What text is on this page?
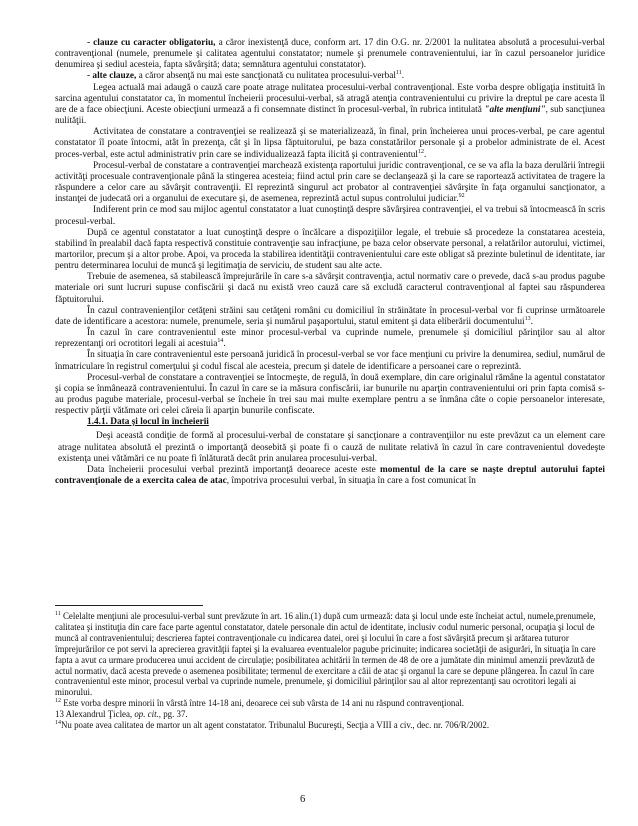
- clauze cu caracter obligatoriu, a căror inexistenţă duce, conform art. 17 din O.G. nr. 2/2001 la nulitatea absolută a procesului-verbal contravenţional (numele, prenumele şi calitatea agentului constatator; numele şi prenumele contravenientului, iar în cazul persoanelor juridice denumirea şi sediul acesteia, fapta săvârşită; data; semnătura agentului constatator).

- alte clauze, a căror absenţă nu mai este sancţionată cu nulitatea procesului-verbal$^{11}$.

Legea actuală mai adaugă o cauză care poate atrage nulitatea procesului-verbal contravenţional. Este vorba despre obligaţia instituită în sarcina agentului constatator ca, în momentul încheierii procesului-verbal, să atragă atenţia contravenientului cu privire la dreptul pe care acesta îl are de a face obiecţiuni. Aceste obiecţiuni urmează a fi consemnate distinct în procesul-verbal, în rubrica intitulată "alte menţiuni", sub sancţiunea nulităţii.

Activitatea de constatare a contravenţiei se realizează şi se materializează, în final, prin încheierea unui proces-verbal, pe care agentul constatator îl poate întocmi, atât în prezenţa, cât şi în lipsa făptuitorului, pe baza constatărilor personale şi a probelor administrate de el. Acest proces-verbal, este actul administrativ prin care se individualizează fapta ilicită şi contravenientul$^{12}$.

Procesul-verbal de constatare a contravenţiei marchează existenţa raportului juridic contravenţional, ce se va afla la baza derulării întregii activităţi procesuale contravenţionale până la stingerea acesteia; fiind actul prin care se declanşează şi la care se raportează activitatea de tragere la răspundere a celor care au săvârşit contravenţii. El reprezintă singurul act probator al contravenţiei săvârşite în faţa organului sancţionator, a instanţei de judecată ori a organului de executare şi, de asemenea, reprezintă actul supus controlului judiciar.$^{92}$

Indiferent prin ce mod sau mijloc agentul constatator a luat cunoştinţă despre săvârşirea contravenţiei, el va trebui să întocmească în scris procesul-verbal.

După ce agentul constatator a luat cunoştinţă despre o încălcare a dispoziţiilor legale, el trebuie să procedeze la constatarea acesteia, stabilind în prealabil dacă fapta respectivă constituie contravenţie sau infracţiune, pe baza celor observate personal, a relatărilor autorului, victimei, martorilor, precum şi a altor probe. Apoi, va proceda la stabilirea identităţii contravenientului care este obligat să prezinte buletinul de identitate, iar pentru determinarea locului de muncă şi legitimaţia de serviciu, de student sau alte acte.

Trebuie de asemenea, să stabilească împrejurările în care s-a săvârşit contravenţia, actul normativ care o prevede, dacă s-au produs pagube materiale ori sunt lucruri supuse confiscării şi dacă nu există vreo cauză care să excludă caracterul contravenţional al faptei sau răspunderea făptuitorului.

În cazul contravenienţilor cetăţeni străini sau cetăţeni români cu domiciliul în străinătate în procesul-verbal vor fi cuprinse următoarele date de identificare a acestora: numele, prenumele, seria şi numărul paşaportului, statul emitent şi data eliberării documentului$^{13}$.

În cazul în care contravenientul este minor procesul-verbal va cuprinde numele, prenumele şi domiciliul părinţilor sau al altor reprezentanţi ori ocrotitori legali ai acestuia$^{14}$.

În situaţia în care contravenientul este persoană juridică în procesul-verbal se vor face menţiuni cu privire la denumirea, sediul, numărul de înmatriculare în registrul comerţului şi codul fiscal ale acesteia, precum şi datele de identificare a persoanei care o reprezintă.

Procesul-verbal de constatare a contravenţiei se întocmeşte, de regulă, în două exemplare, din care originalul rămâne la agentul constatator şi copia se înmânează contravenientului. În cazul în care se ia măsura confiscării, iar bunurile nu aparţin contravenientului ori prin fapta comisă s-au produs pagube materiale, procesul-verbal se încheie în trei sau mai multe exemplare pentru a se înmâna câte o copie persoanelor interesate, respectiv părţii vătămate ori celei căreia îi aparţin bunurile confiscate.

1.4.1. Data şi locul în încheierii

Deşi această condiţie de formă al procesului-verbal de constatare şi sancţionare a contravenţiilor nu este prevăzut ca un element care atrage nulitatea absolută el prezintă o importanţă deosebită şi poate fi o cauză de nulitate relativă în cazul în care contravenientul dovedeşte existenţa unei vătămări ce nu poate fi înlăturată decât prin anularea procesului-verbal.

Data încheierii procesului verbal prezintă importanţă deoarece aceste este momentul de la care se naşte dreptul autorului faptei contravenţionale de a exercita calea de atac, împotriva procesului verbal, în situaţia în care a fost comunicat în

$^{11}$ Celelalte menţiuni ale procesului-verbal sunt prevăzute în art. 16 alin.(1) după cum urmează: data şi locul unde este încheiat actul, numele,prenumele, calitatea şi instituţia din care face parte agentul constatator, datele personale din actul de identitate, inclusiv codul numeric personal, ocupaţia şi locul de muncă al contravenientului; descrierea faptei contravenţionale cu indicarea datei, orei şi locului în care a fost săvârşită precum şi arătarea tuturor împrejurărilor ce pot servi la aprecierea gravităţii faptei şi la evaluarea eventualelor pagube pricinuite; indicarea societăţii de asigurări, în situaţia în care fapta a avut ca urmare producerea unui accident de circulaţie; posibilitatea achitării în termen de 48 de ore a jumătate din minimul amenzii prevăzută de actul normativ, dacă acesta prevede o asemenea posibilitate; termenul de exercitare a căii de atac şi organul la care se depune plângerea. În cazul în care contravenientul este minor, procesul verbal va cuprinde numele, prenumele, şi domiciliul părinţilor sau al altor reprezentanţi sau ocrotitori legali ai minorului.

$^{12}$ Este vorba despre minorii în vârstă între 14-18 ani, deoarece cei sub vârsta de 14 ani nu răspund contravenţional.

13 Alexandrul Ţiclea, op. cit., pg. 37.

$^{14}$Nu poate avea calitatea de martor un alt agent constatator. Tribunalul Bucureşti, Secţia a VIII a civ., dec. nr. 706/R/2002.

6
